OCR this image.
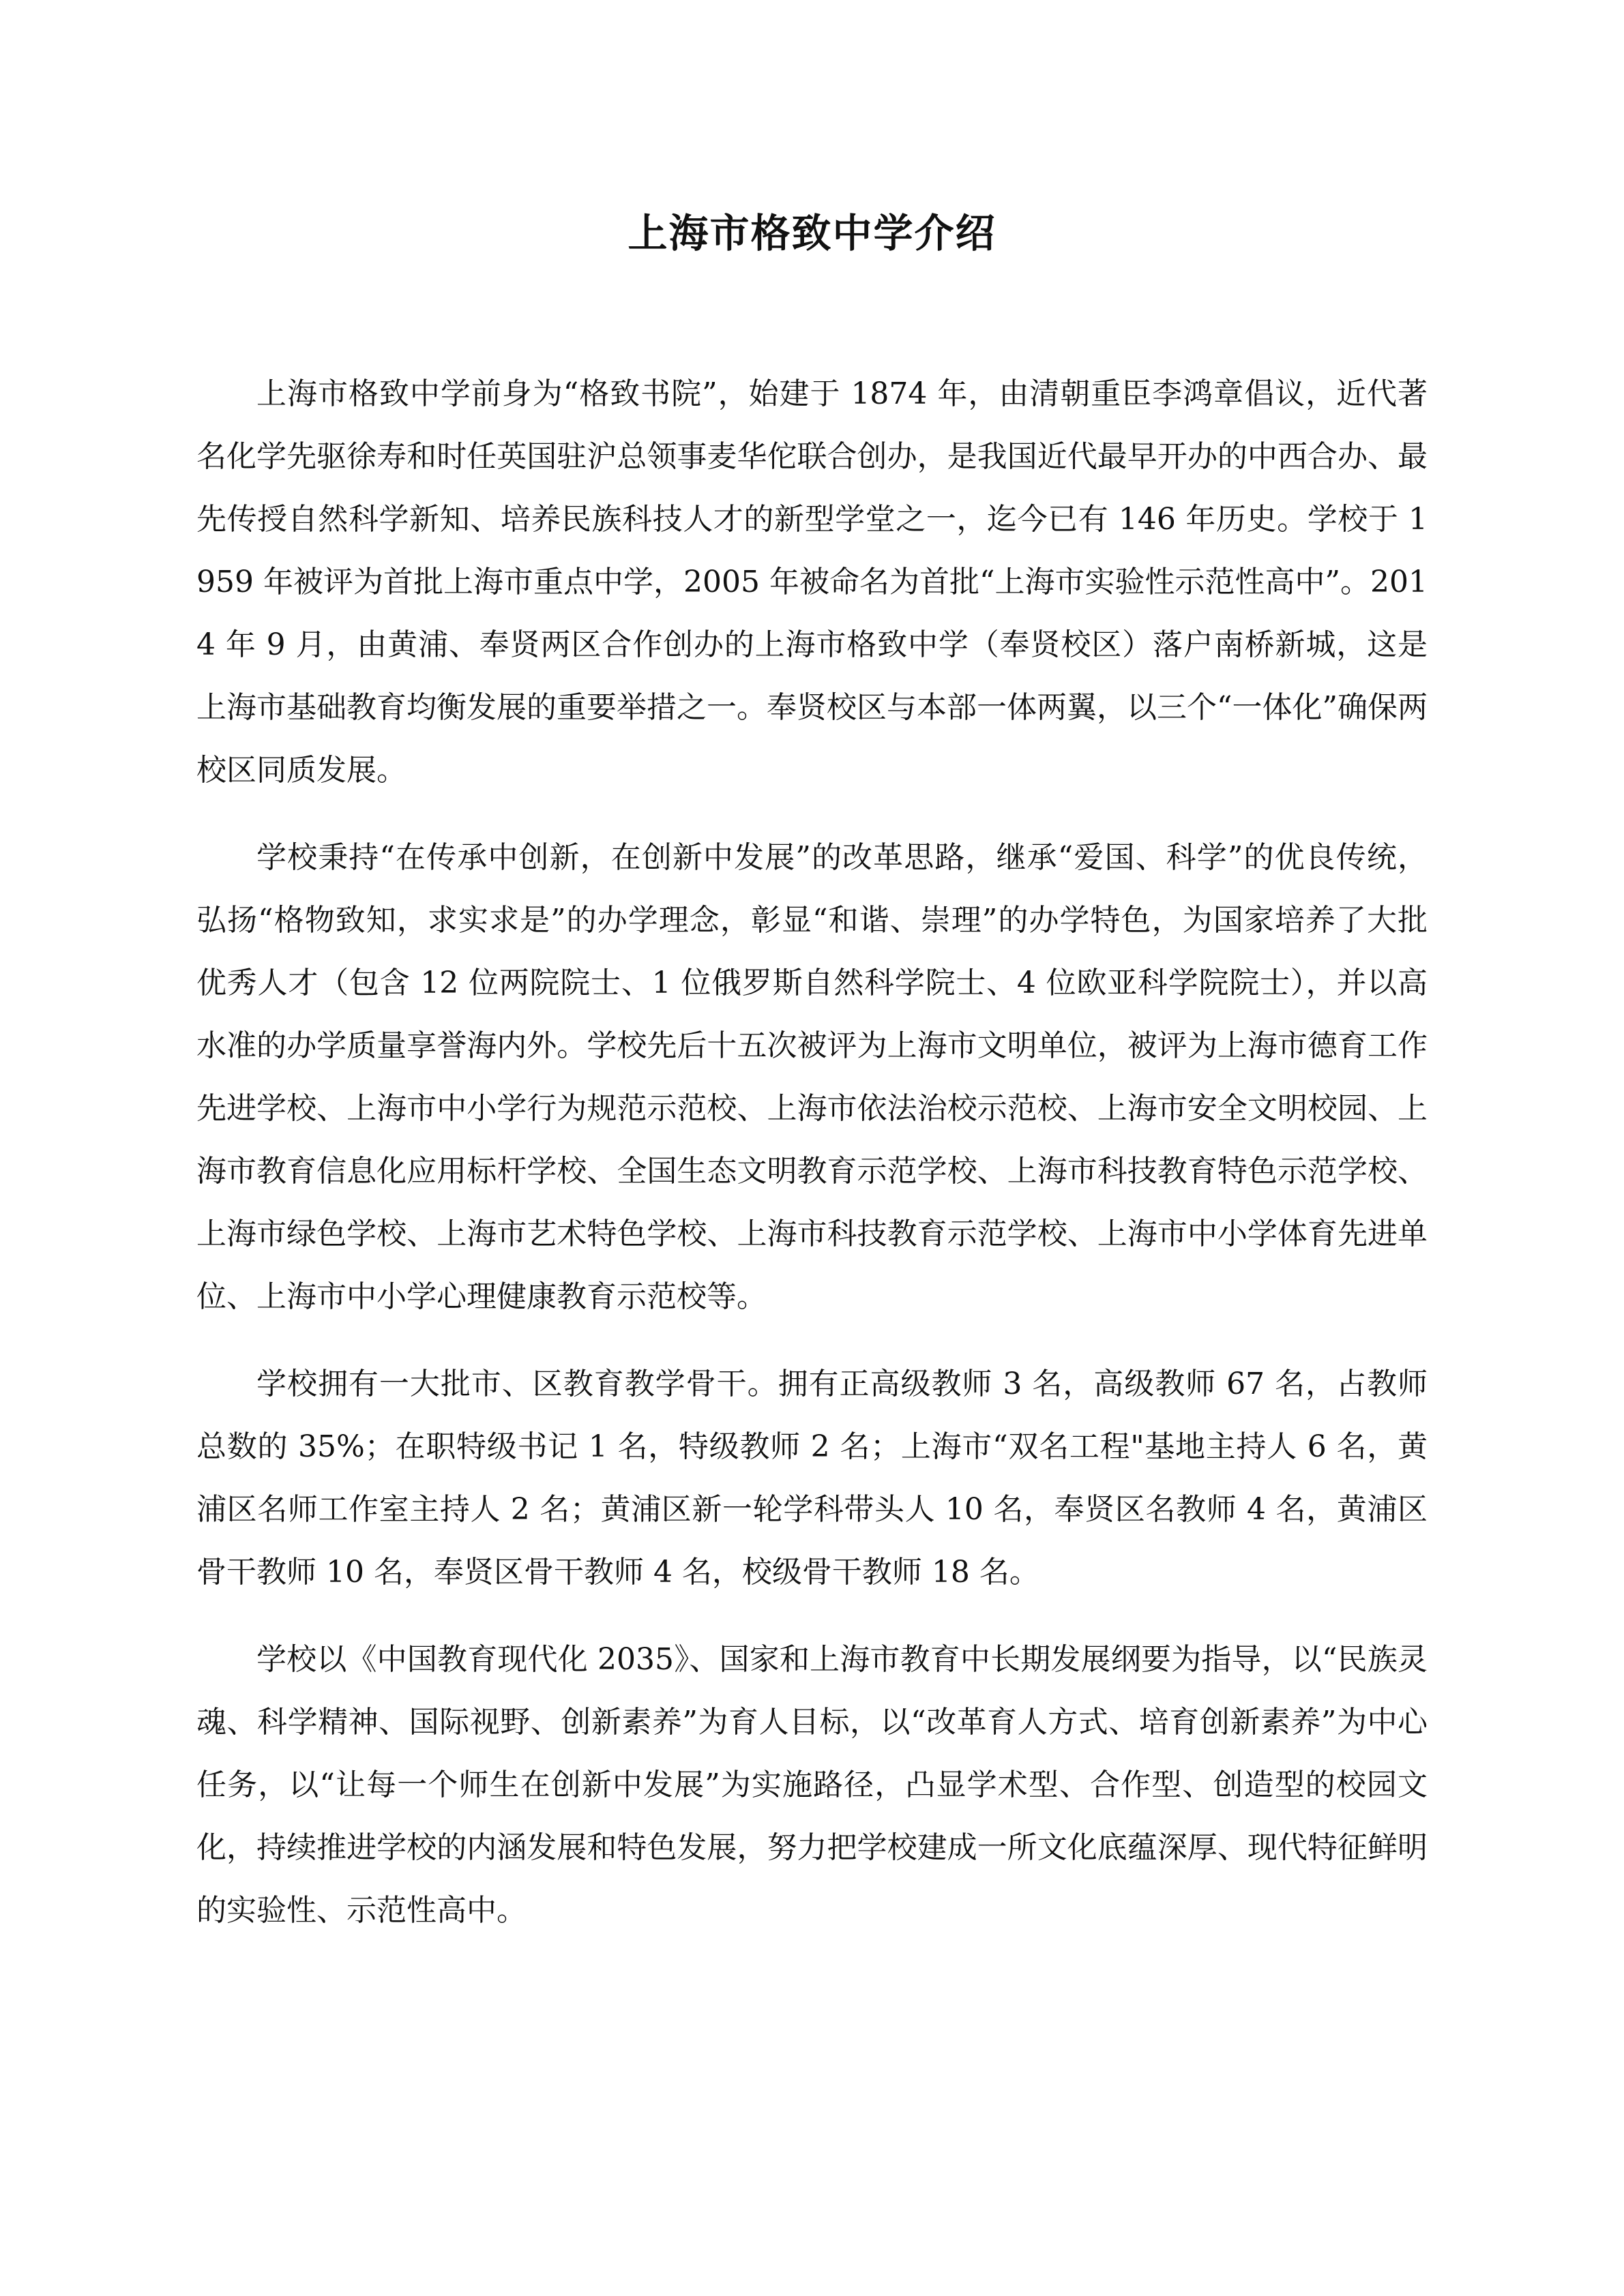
上海市格致中学介绍

上海市格致中学前身为“格致书院”，始建于 1874 年，由清朝重臣李鸿章倡议，近代著名化学先驱徐寿和时任英国驻沪总领事麦华佗联合创办，是我国近代最早开办的中西合办、最先传授自然科学新知、培养民族科技人才的新型学堂之一，迄今已有 146 年历史。学校于 1959 年被评为首批上海市重点中学，2005 年被命名为首批“上海市实验性示范性高中”。2014 年 9 月，由黄浦、奉贤两区合作创办的上海市格致中学（奉贤校区）落户南桥新城，这是上海市基础教育均衡发展的重要举措之一。奉贤校区与本部一体两翼，以三个“一体化”确保两校区同质发展。

学校秉持“在传承中创新，在创新中发展”的改革思路，继承“爱国、科学”的优良传统，弘扬“格物致知，求实求是”的办学理念，彰显“和谐、崇理”的办学特色，为国家培养了大批优秀人才（包含 12 位两院院士、1 位俄罗斯自然科学院士、4 位欧亚科学院院士），并以高水准的办学质量享誉海内外。学校先后十五次被评为上海市文明单位，被评为上海市德育工作先进学校、上海市中小学行为规范示范校、上海市依法治校示范校、上海市安全文明校园、上海市教育信息化应用标杆学校、全国生态文明教育示范学校、上海市科技教育特色示范学校、上海市绿色学校、上海市艺术特色学校、上海市科技教育示范学校、上海市中小学体育先进单位、上海市中小学心理健康教育示范校等。

学校拥有一大批市、区教育教学骨干。拥有正高级教师 3 名，高级教师 67 名，占教师总数的 35%；在职特级书记 1 名，特级教师 2 名；上海市“双名工程"基地主持人 6 名，黄浦区名师工作室主持人 2 名；黄浦区新一轮学科带头人 10 名，奉贤区名教师 4 名，黄浦区骨干教师 10 名，奉贤区骨干教师 4 名，校级骨干教师 18 名。

学校以《中国教育现代化 2035》、国家和上海市教育中长期发展纲要为指导，以“民族灵魂、科学精神、国际视野、创新素养”为育人目标，以“改革育人方式、培育创新素养”为中心任务，以“让每一个师生在创新中发展”为实施路径，凸显学术型、合作型、创造型的校园文化，持续推进学校的内涵发展和特色发展，努力把学校建成一所文化底蕴深厚、现代特征鲜明的实验性、示范性高中。
